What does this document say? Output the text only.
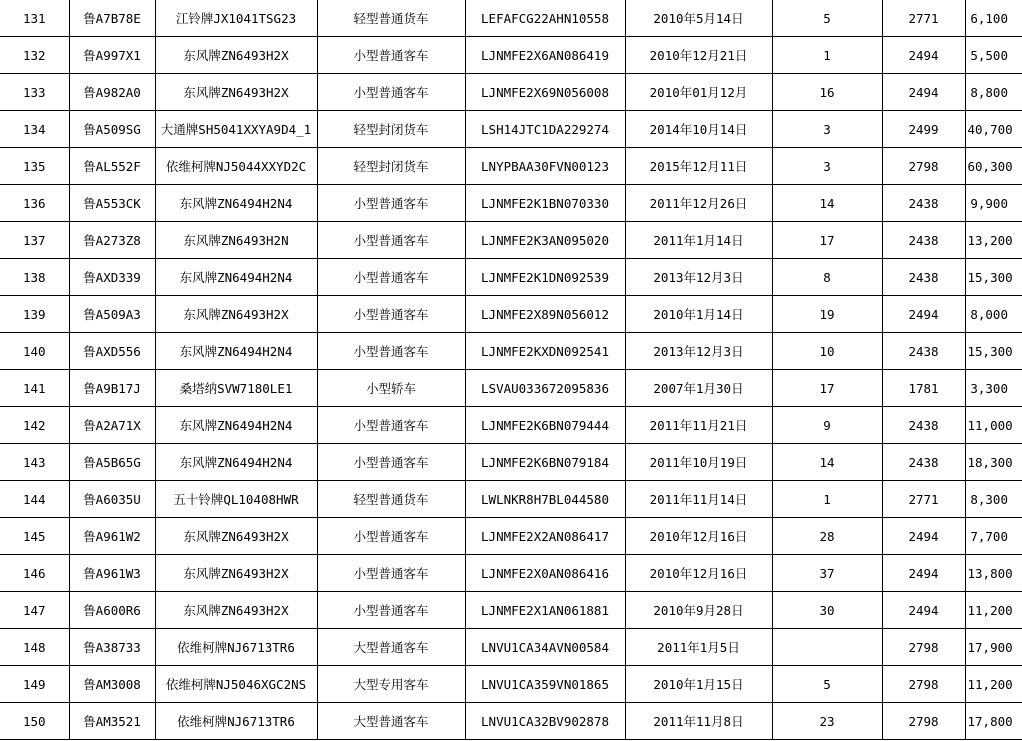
131	鲁A7B78E	江铃牌JX1041TSG23	轻型普通货车	LEFAFCG22AHN10558	2010年5月14日	5	2771	6,100
132	鲁A997X1	东风牌ZN6493H2X	小型普通客车	LJNMFE2X6AN086419	2010年12月21日	1	2494	5,500
133	鲁A982A0	东风牌ZN6493H2X	小型普通客车	LJNMFE2X69N056008	2010年01月12月	16	2494	8,800
134	鲁A509SG	大通牌SH5041XXYA9D4_1	轻型封闭货车	LSH14JTC1DA229274	2014年10月14日	3	2499	40,700
135	鲁AL552F	依维柯牌NJ5044XXYD2C	轻型封闭货车	LNYPBAA30FVN00123	2015年12月11日	3	2798	60,300
136	鲁A553CK	东风牌ZN6494H2N4	小型普通客车	LJNMFE2K1BN070330	2011年12月26日	14	2438	9,900
137	鲁A273Z8	东风牌ZN6493H2N	小型普通客车	LJNMFE2K3AN095020	2011年1月14日	17	2438	13,200
138	鲁AXD339	东风牌ZN6494H2N4	小型普通客车	LJNMFE2K1DN092539	2013年12月3日	8	2438	15,300
139	鲁A509A3	东风牌ZN6493H2X	小型普通客车	LJNMFE2X89N056012	2010年1月14日	19	2494	8,000
140	鲁AXD556	东风牌ZN6494H2N4	小型普通客车	LJNMFE2KXDN092541	2013年12月3日	10	2438	15,300
141	鲁A9B17J	桑塔纳SVW7180LE1	小型轿车	LSVAU033672095836	2007年1月30日	17	1781	3,300
142	鲁A2A71X	东风牌ZN6494H2N4	小型普通客车	LJNMFE2K6BN079444	2011年11月21日	9	2438	11,000
143	鲁A5B65G	东风牌ZN6494H2N4	小型普通客车	LJNMFE2K6BN079184	2011年10月19日	14	2438	18,300
144	鲁A6035U	五十铃牌QL10408HWR	轻型普通货车	LWLNKR8H7BL044580	2011年11月14日	1	2771	8,300
145	鲁A961W2	东风牌ZN6493H2X	小型普通客车	LJNMFE2X2AN086417	2010年12月16日	28	2494	7,700
146	鲁A961W3	东风牌ZN6493H2X	小型普通客车	LJNMFE2X0AN086416	2010年12月16日	37	2494	13,800
147	鲁A600R6	东风牌ZN6493H2X	小型普通客车	LJNMFE2X1AN061881	2010年9月28日	30	2494	11,200
148	鲁A38733	依维柯牌NJ6713TR6	大型普通客车	LNVU1CA34AVN00584	2011年1月5日		2798	17,900
149	鲁AM3008	依维柯牌NJ5046XGC2NS	大型专用客车	LNVU1CA359VN01865	2010年1月15日	5	2798	11,200
150	鲁AM3521	依维柯牌NJ6713TR6	大型普通客车	LNVU1CA32BV902878	2011年11月8日	23	2798	17,800
